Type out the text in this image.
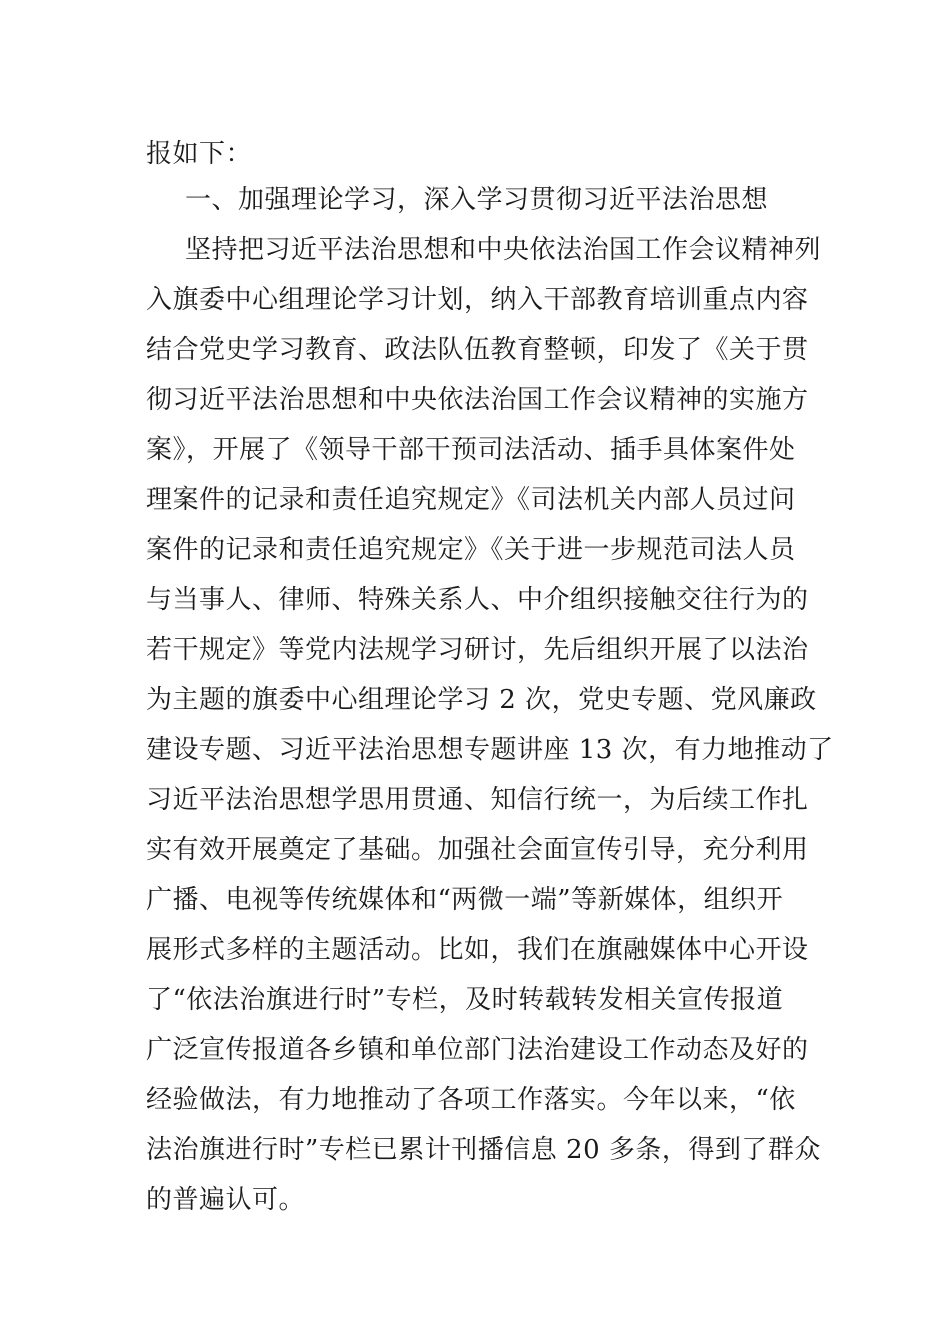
报如下：
一、加强理论学习，深入学习贯彻习近平法治思想
坚持把习近平法治思想和中央依法治国工作会议精神列
入旗委中心组理论学习计划，纳入干部教育培训重点内容
结合党史学习教育、政法队伍教育整顿，印发了《关于贯
彻习近平法治思想和中央依法治国工作会议精神的实施方
案》，开展了《领导干部干预司法活动、插手具体案件处
理案件的记录和责任追究规定》《司法机关内部人员过问
案件的记录和责任追究规定》《关于进一步规范司法人员
与当事人、律师、特殊关系人、中介组织接触交往行为的
若干规定》等党内法规学习研讨，先后组织开展了以法治
为主题的旗委中心组理论学习 2 次，党史专题、党风廉政
建设专题、习近平法治思想专题讲座 13 次，有力地推动了
习近平法治思想学思用贯通、知信行统一，为后续工作扎
实有效开展奠定了基础。加强社会面宣传引导，充分利用
广播、电视等传统媒体和“两微一端”等新媒体，组织开
展形式多样的主题活动。比如，我们在旗融媒体中心开设
了“依法治旗进行时”专栏，及时转载转发相关宣传报道
广泛宣传报道各乡镇和单位部门法治建设工作动态及好的
经验做法，有力地推动了各项工作落实。今年以来，“依
法治旗进行时”专栏已累计刊播信息 20 多条，得到了群众
的普遍认可。
